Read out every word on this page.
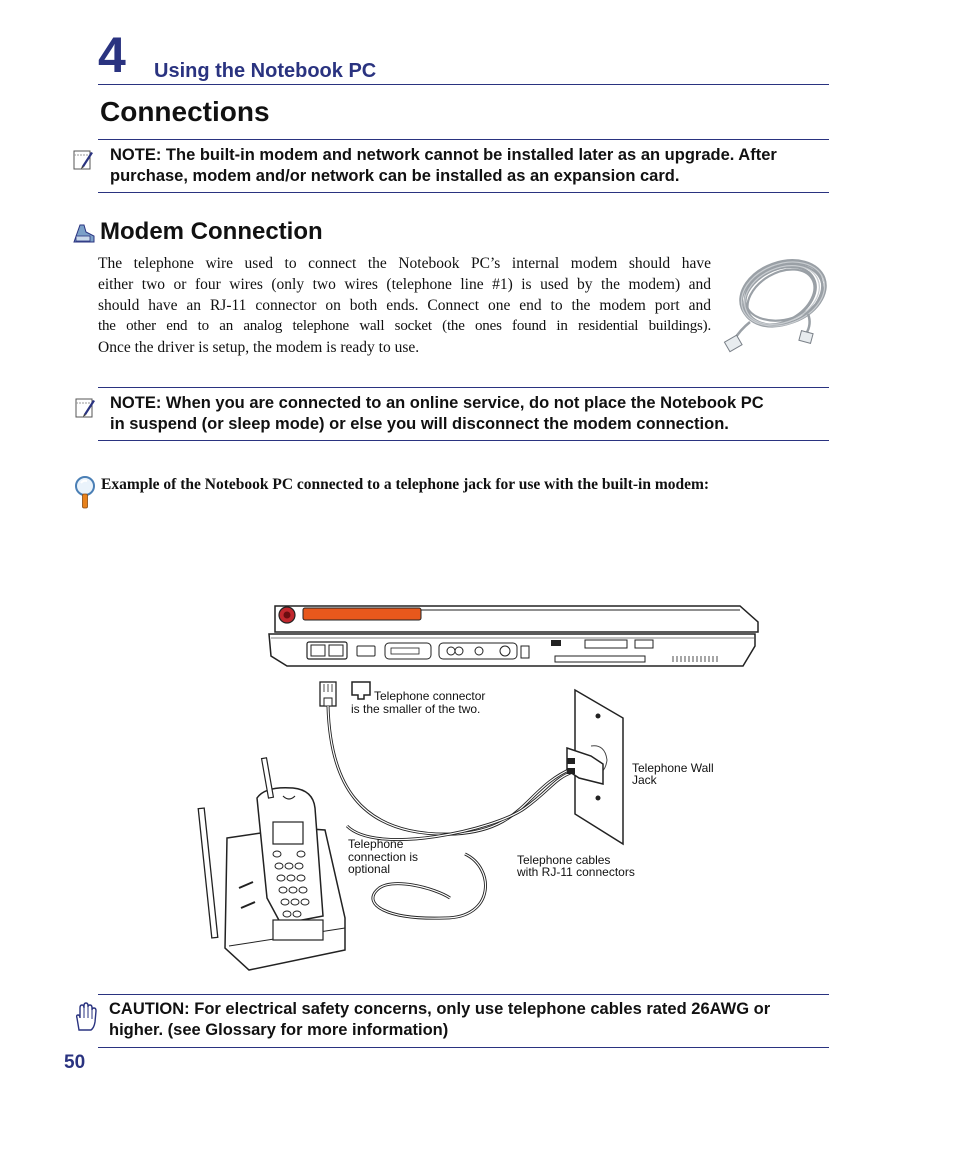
4 Using the Notebook PC
Connections
NOTE: The built-in modem and network cannot be installed later as an upgrade. After
purchase, modem and/or network can be installed as an expansion card.
Modem Connection
The telephone wire used to connect the Notebook PC’s internal modem should have
either two or four wires (only two wires (telephone line #1) is used by the modem) and
should have an RJ-11 connector on both ends. Connect one end to the modem port and
the other end to an analog telephone wall socket (the ones found in residential buildings).
Once the driver is setup, the modem is ready to use.
NOTE: When you are connected to an online service, do not place the Notebook PC
in suspend (or sleep mode) or else you will disconnect the modem connection.
Example of the Notebook PC connected to a telephone jack for use with the built-in modem:
Telephone connector
is the smaller of the two.
Telephone Wall
Jack
Telephone
connection is
optional
Telephone cables
with RJ-11 connectors
CAUTION: For electrical safety concerns, only use telephone cables rated 26AWG or
higher. (see Glossary for more information)
50
